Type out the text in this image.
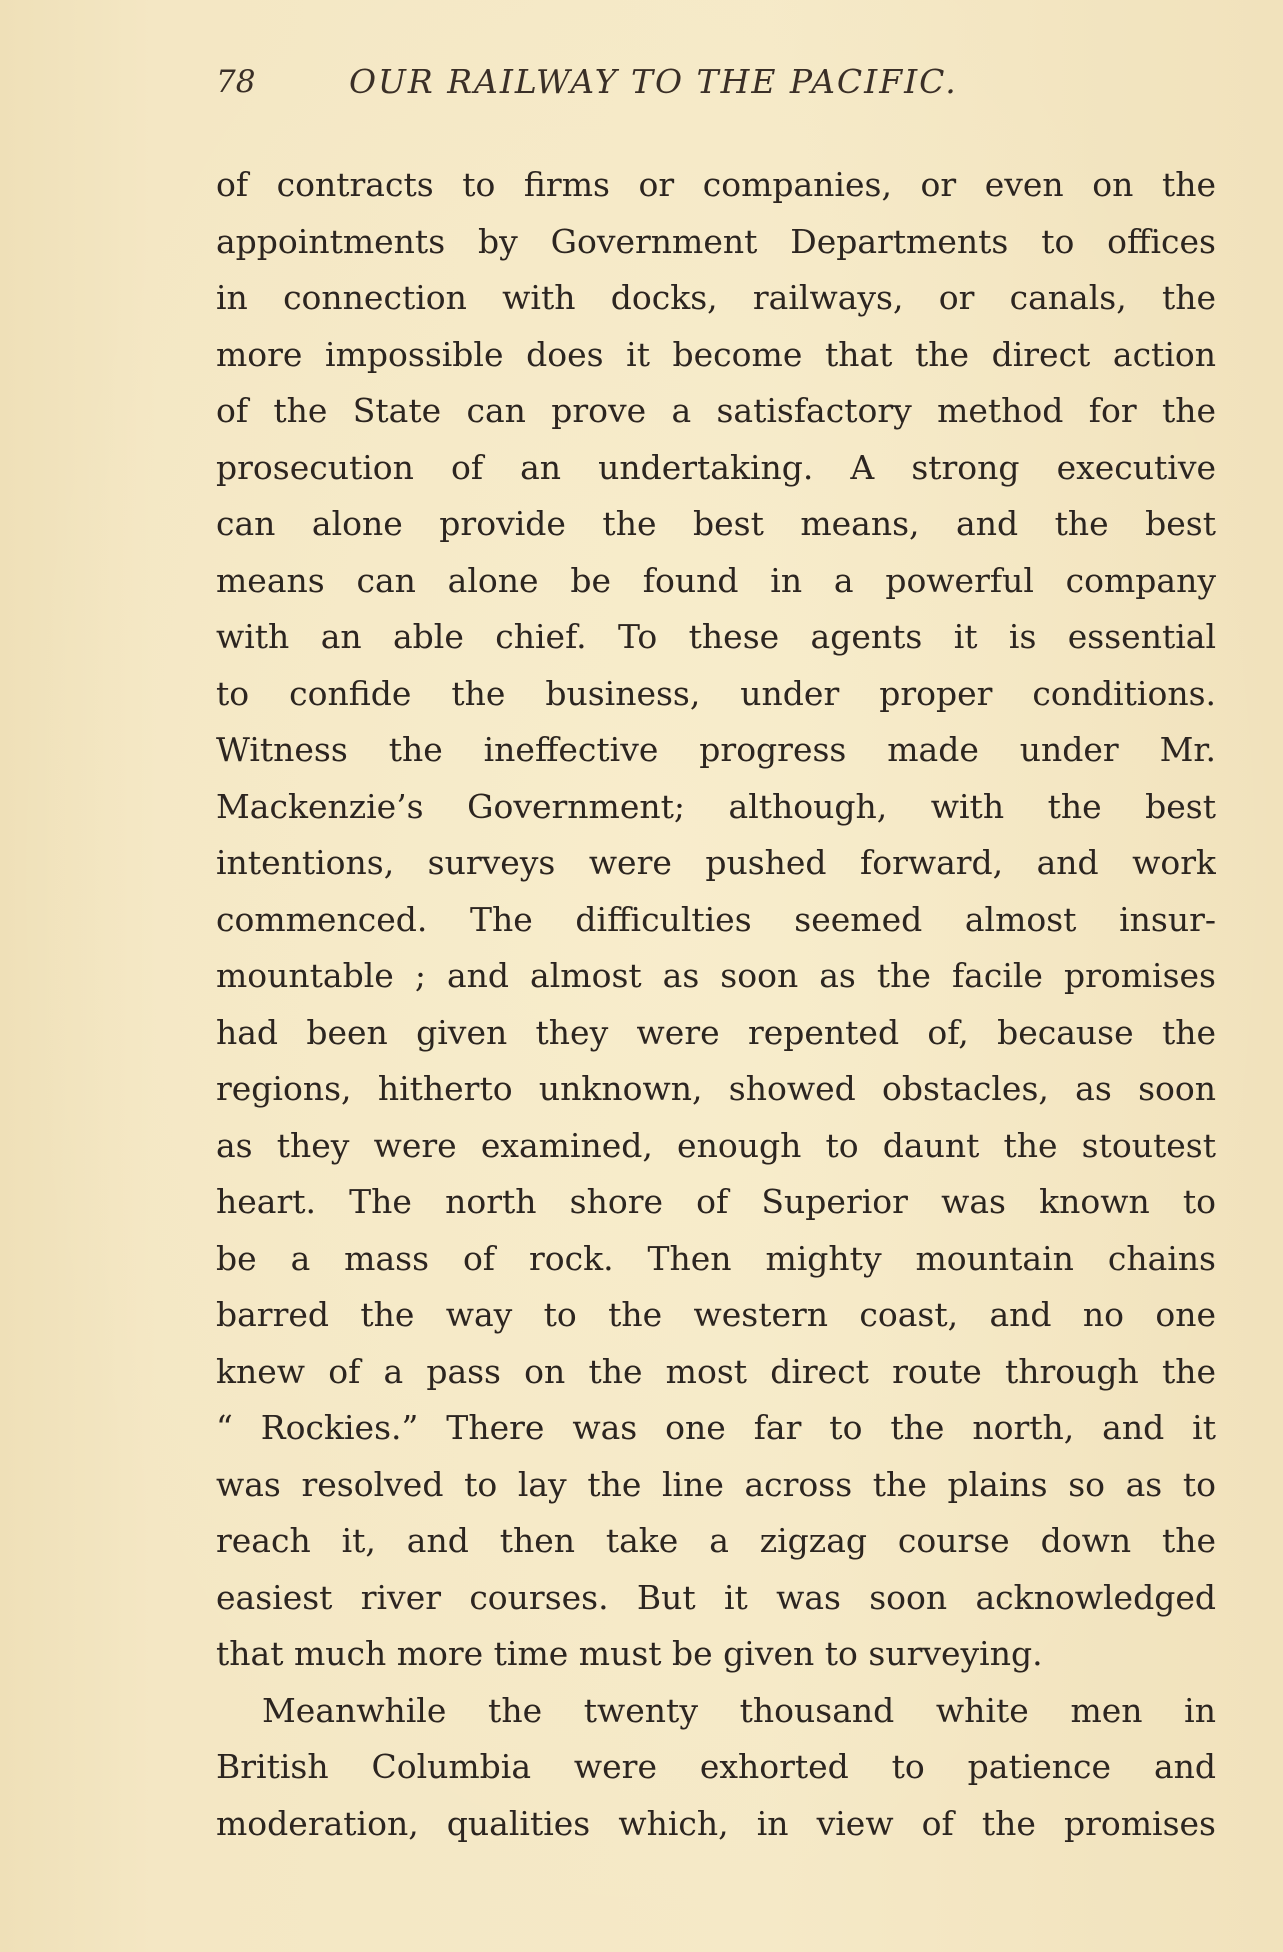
78	OUR RAILWAY TO THE PACIFIC.
of contracts to firms or companies, or even on the
appointments by Government Departments to offices
in connection with docks, railways, or canals, the
more impossible does it become that the direct action
of the State can prove a satisfactory method for the
prosecution of an undertaking. A strong executive
can alone provide the best means, and the best
means can alone be found in a powerful company
with an able chief. To these agents it is essential
to confide the business, under proper conditions.
Witness the ineffective progress made under Mr.
Mackenzie’s Government; although, with the best
intentions, surveys were pushed forward, and work
commenced. The difficulties seemed almost insur-
mountable ; and almost as soon as the facile promises
had been given they were repented of, because the
regions, hitherto unknown, showed obstacles, as soon
as they were examined, enough to daunt the stoutest
heart. The north shore of Superior was known to
be a mass of rock. Then mighty mountain chains
barred the way to the western coast, and no one
knew of a pass on the most direct route through the
“ Rockies.” There was one far to the north, and it
was resolved to lay the line across the plains so as to
reach it, and then take a zigzag course down the
easiest river courses. But it was soon acknowledged
that much more time must be given to surveying.
Meanwhile the twenty thousand white men in
British Columbia were exhorted to patience and
moderation, qualities which, in view of the promises
